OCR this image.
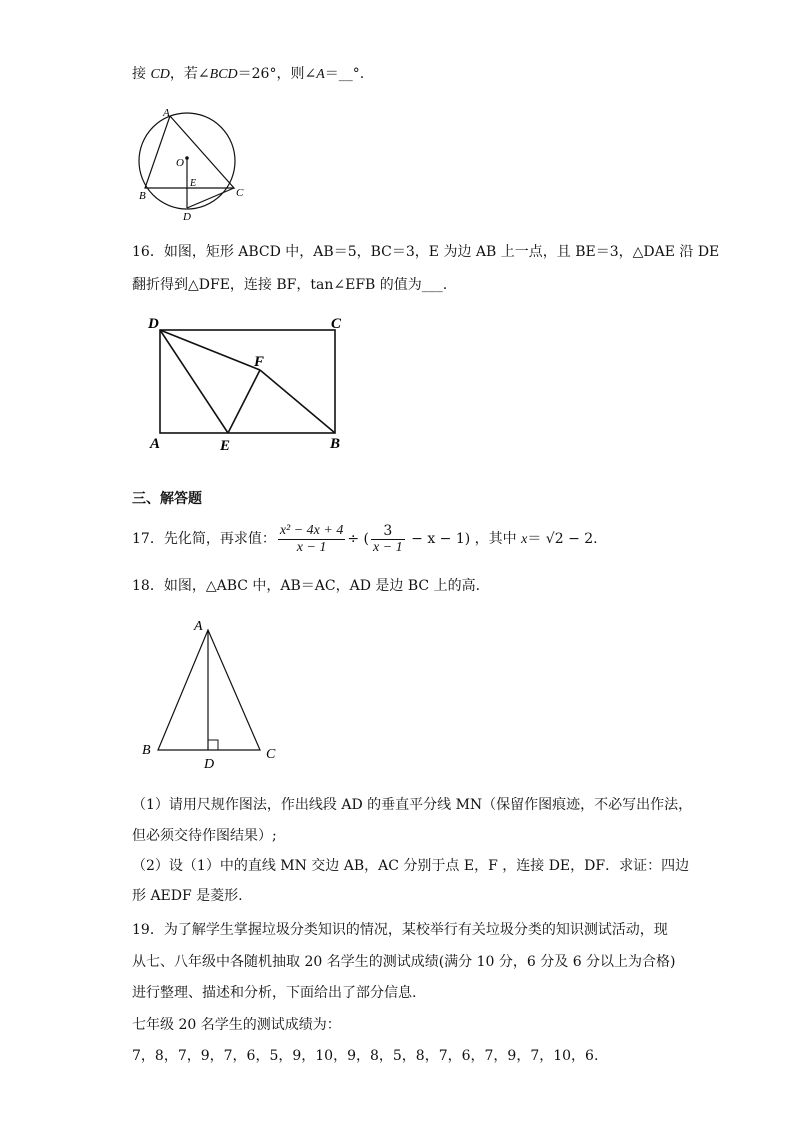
接 CD，若∠BCD＝26°，则∠A＝__°.
A
O
E
B	C
D
16．如图，矩形 ABCD 中，AB＝5，BC＝3，E 为边 AB 上一点，且 BE＝3，△DAE 沿 DE
翻折得到△DFE，连接 BF，tan∠EFB 的值为___.
D	C
F
A	E	B
三、解答题
17．先化简，再求值： $\frac{\text{x² − 4x + 4}}{x - 1}$ ÷ ( $\frac{3}{x - 1} - x - 1$) ，其中 x＝ √2 − 2.
18．如图，△ABC 中，AB＝AC，AD 是边 BC 上的高.
A
B
D
C
（1）请用尺规作图法，作出线段 AD 的垂直平分线 MN（保留作图痕迹，不必写出作法，
但必须交待作图结果）;
（2）设（1）中的直线 MN 交边 AB，AC 分别于点 E，F ，连接 DE，DF．求证：四边
形 AEDF 是菱形.
19．为了解学生掌握垃圾分类知识的情况，某校举行有关垃圾分类的知识测试活动，现
从七、八年级中各随机抽取 20 名学生的测试成绩(满分 10 分，6 分及 6 分以上为合格)
进行整理、描述和分析，下面给出了部分信息.
七年级 20 名学生的测试成绩为：
7，8，7，9，7，6，5，9，10，9，8，5，8，7，6，7，9，7，10，6.
